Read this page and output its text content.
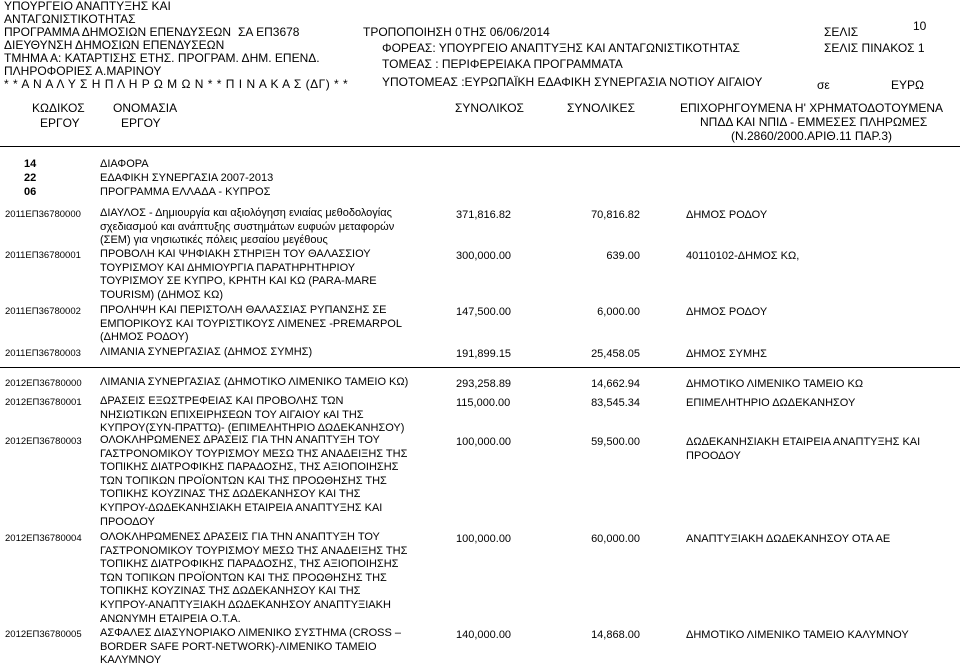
ΥΠΟΥΡΓΕΙΟ ΑΝΑΠΤΥΞΗΣ ΚΑΙ
ΑΝΤΑΓΩΝΙΣΤΙΚΟΤΗΤΑΣ
ΠΡΟΓΡΑΜΜΑ ΔΗΜΟΣΙΩΝ ΕΠΕΝΔΥΣΕΩΝ
ΔΙΕΥΘΥΝΣΗ ΔΗΜΟΣΙΩΝ ΕΠΕΝΔΥΣΕΩΝ
ΤΜΗΜΑ Α: ΚΑΤΑΡΤΙΣΗΣ ΕΤΗΣ. ΠΡΟΓΡΑΜ. ΔΗΜ. ΕΠΕΝΔ.
ΠΛΗΡΟΦΟΡΙΕΣ Α.ΜΑΡΙΝΟΥ
* * Α Ν Α Λ Υ Σ Η Π Λ Η Ρ Ω Μ Ω Ν * * Π Ι Ν Α Κ Α Σ (ΔΓ) * *
ΣΑ ΕΠ3678	ΤΡΟΠΟΠΟΙΗΣΗ 0 ΤΗΣ 06/06/2014
ΦΟΡΕΑΣ: ΥΠΟΥΡΓΕΙΟ ΑΝΑΠΤΥΞΗΣ ΚΑΙ ΑΝΤΑΓΩΝΙΣΤΙΚΟΤΗΤΑΣ
ΤΟΜΕΑΣ : ΠΕΡΙΦΕΡΕΙΑΚΑ ΠΡΟΓΡΑΜΜΑΤΑ
ΥΠΟΤΟΜΕΑΣ :ΕΥΡΩΠΑΪΚΗ ΕΔΑΦΙΚΗ ΣΥΝΕΡΓΑΣΙΑ ΝΟΤΙΟΥ ΑΙΓΑΙΟΥ
ΣΕΛΙΣ	10
ΣΕΛΙΣ ΠΙΝΑΚΟΣ 1
σε	ΕΥΡΩ
ΚΩΔΙΚΟΣ
ΕΡΓΟΥ
ΟΝΟΜΑΣΙΑ
ΕΡΓΟΥ
ΣΥΝΟΛΙΚΟΣ	ΣΥΝΟΛΙΚΕΣ	ΕΠΙΧΟΡΗΓΟΥΜΕΝΑ Η' ΧΡΗΜΑΤΟΔΟΤΟΥΜΕΝΑ
ΝΠΔΔ ΚΑΙ ΝΠΙΔ - ΕΜΜΕΣΕΣ ΠΛΗΡΩΜΕΣ
(Ν.2860/2000.ΑΡΙΘ.11 ΠΑΡ.3)
14	ΔΙΑΦΟΡΑ
22	ΕΔΑΦΙΚΗ ΣΥΝΕΡΓΑΣΙΑ 2007-2013
06	ΠΡΟΓΡΑΜΜΑ ΕΛΛΑΔΑ - ΚΥΠΡΟΣ
2011ΕΠ36780000 ΔΙΑΥΛΟΣ - Δημιουργία και αξιολόγηση ενιαίας μεθοδολογίας
σχεδιασμού και ανάπτυξης συστημάτων ευφυών μεταφορών
(ΣΕΜ) για νησιωτικές πόλεις μεσαίου μεγέθους
371,816.82	70,816.82	ΔΗΜΟΣ ΡΟΔΟΥ
2011ΕΠ36780001 ΠΡΟΒΟΛΗ ΚΑΙ ΨΗΦΙΑΚΗ ΣΤΗΡΙΞΗ ΤΟΥ ΘΑΛΑΣΣΙΟΥ
ΤΟΥΡΙΣΜΟΥ ΚΑΙ ΔΗΜΙΟΥΡΓΙΑ ΠΑΡΑΤΗΡΗΤΗΡΙΟΥ
ΤΟΥΡΙΣΜΟΥ ΣΕ ΚΥΠΡΟ, ΚΡΗΤΗ ΚΑΙ ΚΩ (PARA-MARE
TOURISM) (ΔΗΜΟΣ ΚΩ)
300,000.00	639.00	40110102-ΔΗΜΟΣ ΚΩ,
2011ΕΠ36780002 ΠΡΟΛΗΨΗ ΚΑΙ ΠΕΡΙΣΤΟΛΗ ΘΑΛΑΣΣΙΑΣ ΡΥΠΑΝΣΗΣ ΣΕ
ΕΜΠΟΡΙΚΟΥΣ ΚΑΙ ΤΟΥΡΙΣΤΙΚΟΥΣ ΛΙΜΕΝΕΣ -PREMARPOL
(ΔΗΜΟΣ ΡΟΔΟΥ)
147,500.00	6,000.00	ΔΗΜΟΣ ΡΟΔΟΥ
2011ΕΠ36780003 ΛΙΜΑΝΙΑ ΣΥΝΕΡΓΑΣΙΑΣ (ΔΗΜΟΣ ΣΥΜΗΣ)	191,899.15	25,458.05	ΔΗΜΟΣ ΣΥΜΗΣ
2012ΕΠ36780000 ΛΙΜΑΝΙΑ ΣΥΝΕΡΓΑΣΙΑΣ (ΔΗΜΟΤΙΚΟ ΛΙΜΕΝΙΚΟ ΤΑΜΕΙΟ ΚΩ)	293,258.89	14,662.94	ΔΗΜΟΤΙΚΟ ΛΙΜΕΝΙΚΟ ΤΑΜΕΙΟ ΚΩ
2012ΕΠ36780001 ΔΡΑΣΕΙΣ ΕΞΩΣΤΡΕΦΕΙΑΣ ΚΑΙ ΠΡΟΒΟΛΗΣ ΤΩΝ
ΝΗΣΙΩΤΙΚΩΝ ΕΠΙΧΕΙΡΗΣΕΩΝ ΤΟΥ ΑΙΓΑΙΟΥ κΑΙ ΤΗΣ
ΚΥΠΡΟΥ(ΣΥΝ-ΠΡΑΤΤΩ)- (ΕΠΙΜΕΛΗΤΗΡΙΟ ΔΩΔΕΚΑΝΗΣΟΥ)
115,000.00	83,545.34	ΕΠΙΜΕΛΗΤΗΡΙΟ ΔΩΔΕΚΑΝΗΣΟΥ
2012ΕΠ36780003 ΟΛΟΚΛΗΡΩΜΕΝΕΣ ΔΡΑΣΕΙΣ ΓΙΑ ΤΗΝ ΑΝΑΠΤΥΞΗ ΤΟΥ
ΓΑΣΤΡΟΝΟΜΙΚΟΥ ΤΟΥΡΙΣΜΟΥ ΜΕΣΩ ΤΗΣ ΑΝΑΔΕΙΞΗΣ ΤΗΣ
ΤΟΠΙΚΗΣ ΔΙΑΤΡΟΦΙΚΗΣ ΠΑΡΑΔΟΣΗΣ, ΤΗΣ ΑΞΙΟΠΟΙΗΣΗΣ
ΤΩΝ ΤΟΠΙΚΩΝ ΠΡΟΪΟΝΤΩΝ ΚΑΙ ΤΗΣ ΠΡΟΩΘΗΣΗΣ ΤΗΣ
ΤΟΠΙΚΗΣ ΚΟΥΖΙΝΑΣ ΤΗΣ ΔΩΔΕΚΑΝΗΣΟΥ ΚΑΙ ΤΗΣ
ΚΥΠΡΟΥ-ΔΩΔΕΚΑΝΗΣΙΑΚΗ ΕΤΑΙΡΕΙΑ ΑΝΑΠΤΥΞΗΣ ΚΑΙ
ΠΡΟΟΔΟΥ
100,000.00	59,500.00	ΔΩΔΕΚΑΝΗΣΙΑΚΗ ΕΤΑΙΡΕΙΑ ΑΝΑΠΤΥΞΗΣ ΚΑΙ
ΠΡΟΟΔΟΥ
2012ΕΠ36780004 ΟΛΟΚΛΗΡΩΜΕΝΕΣ ΔΡΑΣΕΙΣ ΓΙΑ ΤΗΝ ΑΝΑΠΤΥΞΗ ΤΟΥ
ΓΑΣΤΡΟΝΟΜΙΚΟΥ ΤΟΥΡΙΣΜΟΥ ΜΕΣΩ ΤΗΣ ΑΝΑΔΕΙΞΗΣ ΤΗΣ
ΤΟΠΙΚΗΣ ΔΙΑΤΡΟΦΙΚΗΣ ΠΑΡΑΔΟΣΗΣ, ΤΗΣ ΑΞΙΟΠΟΙΗΣΗΣ
ΤΩΝ ΤΟΠΙΚΩΝ ΠΡΟΪΟΝΤΩΝ ΚΑΙ ΤΗΣ ΠΡΟΩΘΗΣΗΣ ΤΗΣ
ΤΟΠΙΚΗΣ ΚΟΥΖΙΝΑΣ ΤΗΣ ΔΩΔΕΚΑΝΗΣΟΥ ΚΑΙ ΤΗΣ
ΚΥΠΡΟΥ-ΑΝΑΠΤΥΞΙΑΚΗ ΔΩΔΕΚΑΝΗΣΟΥ ΑΝΑΠΤΥΞΙΑΚΗ
ΑΝΩΝΥΜΗ ΕΤΑΙΡΕΙΑ Ο.Τ.Α.
100,000.00	60,000.00	ΑΝΑΠΤΥΞΙΑΚΗ ΔΩΔΕΚΑΝΗΣΟΥ ΟΤΑ ΑΕ
2012ΕΠ36780005 ΑΣΦΑΛΕΣ ΔΙΑΣΥΝΟΡΙΑΚΟ ΛΙΜΕΝΙΚΟ ΣΥΣΤΗΜΑ (CROSS –
BORDER SAFE PORT-NETWORK)-ΛΙΜΕΝΙΚΟ ΤΑΜΕΙΟ
ΚΑΛΥΜΝΟΥ
140,000.00	14,868.00	ΔΗΜΟΤΙΚΟ ΛΙΜΕΝΙΚΟ ΤΑΜΕΙΟ ΚΑΛΥΜΝΟΥ
